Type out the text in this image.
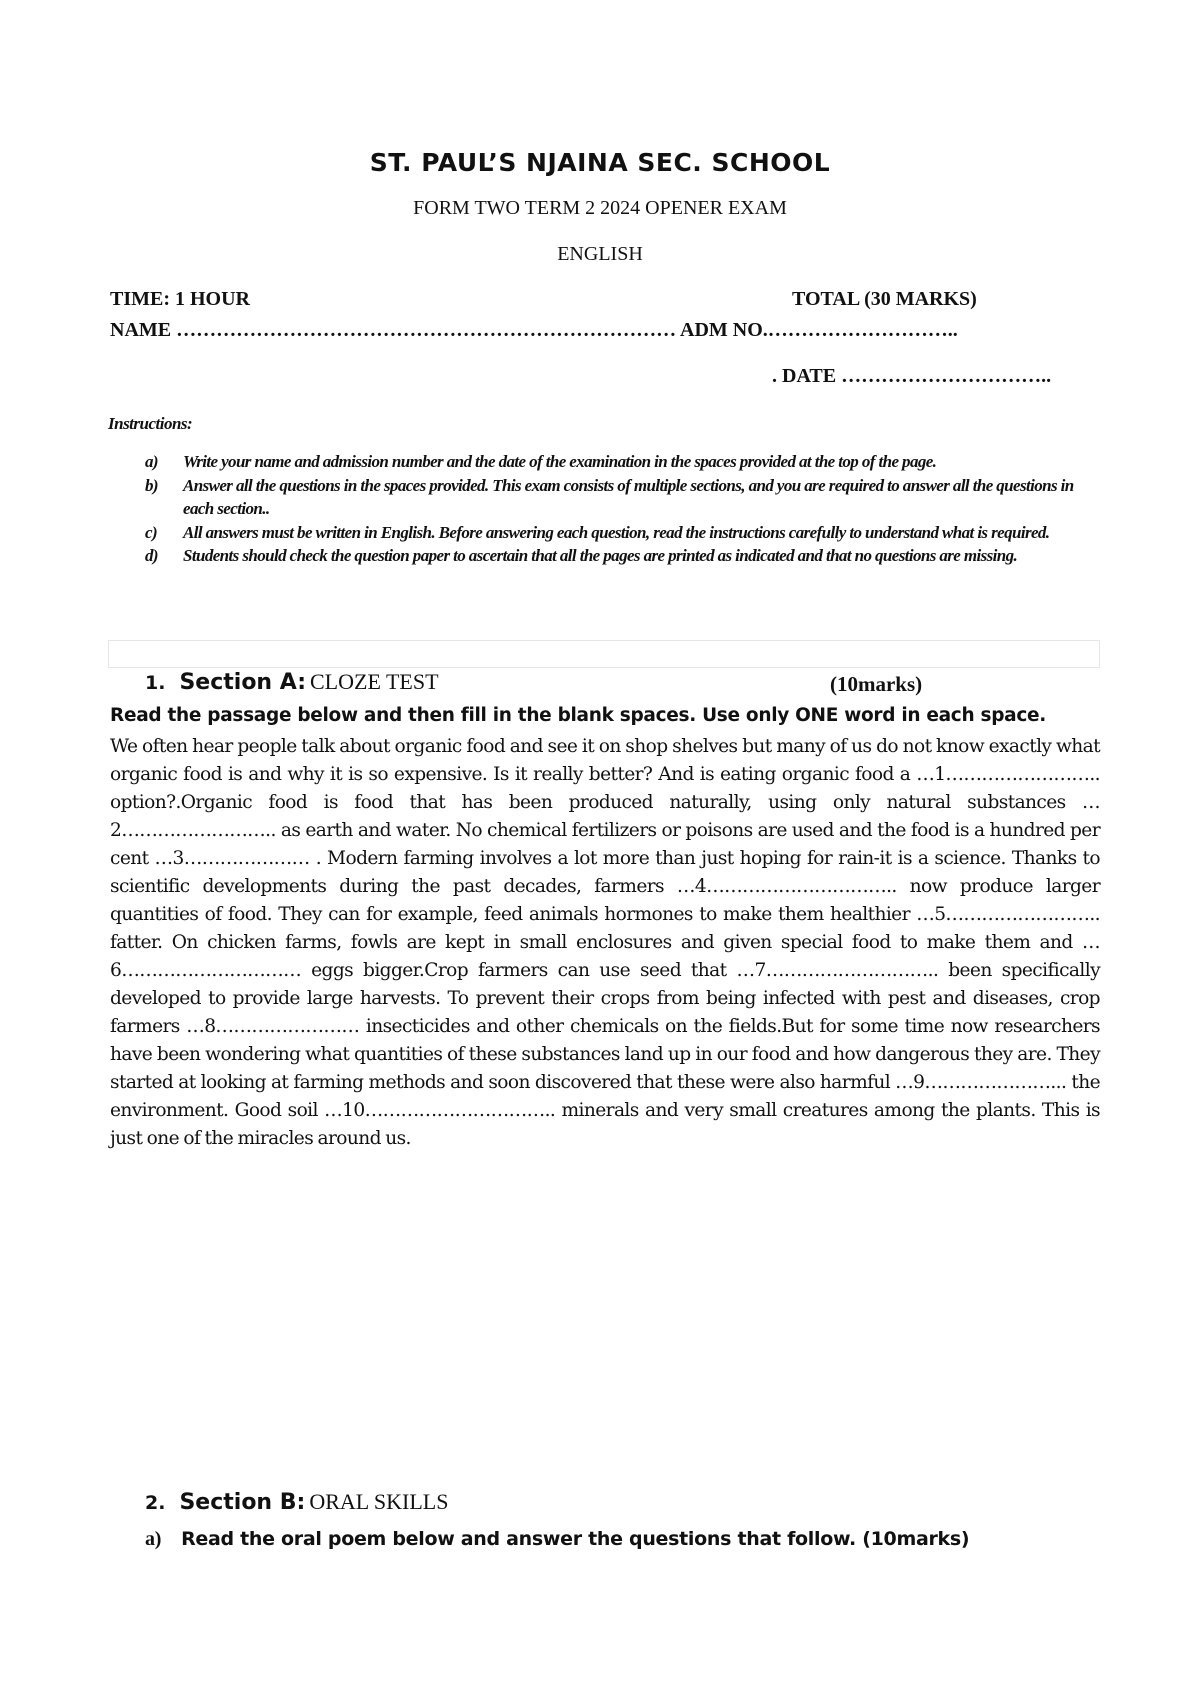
ST. PAUL’S NJAINA SEC. SCHOOL
FORM TWO TERM 2 2024 OPENER EXAM
ENGLISH
TIME: 1 HOUR	TOTAL (30 MARKS)
NAME ………………………………………………………………… ADM NO.………………………..
. DATE …………………………..
Instructions:
a) Write your name and admission number and the date of the examination in the spaces provided at the top of the page.
b) Answer all the questions in the spaces provided. This exam consists of multiple sections, and you are required to answer all the questions in each section..
c) All answers must be written in English. Before answering each question, read the instructions carefully to understand what is required.
d) Students should check the question paper to ascertain that all the pages are printed as indicated and that no questions are missing.
1. Section A: CLOZE TEST	(10marks)
Read the passage below and then fill in the blank spaces. Use only ONE word in each space.
We often hear people talk about organic food and see it on shop shelves but many of us do not know exactly what organic food is and why it is so expensive. Is it really better? And is eating organic food a …1…………………….. option?.Organic food is food that has been produced naturally, using only natural substances …2…………………….. as earth and water. No chemical fertilizers or poisons are used and the food is a hundred per cent …3………………… . Modern farming involves a lot more than just hoping for rain-it is a science. Thanks to scientific developments during the past decades, farmers …4………………………….. now produce larger quantities of food. They can for example, feed animals hormones to make them healthier …5…………………….. fatter. On chicken farms, fowls are kept in small enclosures and given special food to make them and …6………………………… eggs bigger.Crop farmers can use seed that …7……………………….. been specifically developed to provide large harvests. To prevent their crops from being infected with pest and diseases, crop farmers …8…………………… insecticides and other chemicals on the fields.But for some time now researchers have been wondering what quantities of these substances land up in our food and how dangerous they are. They started at looking at farming methods and soon discovered that these were also harmful …9…………………... the environment. Good soil …10………………………….. minerals and very small creatures among the plants. This is just one of the miracles around us.
2. Section B: ORAL SKILLS
a) Read the oral poem below and answer the questions that follow. (10marks)
